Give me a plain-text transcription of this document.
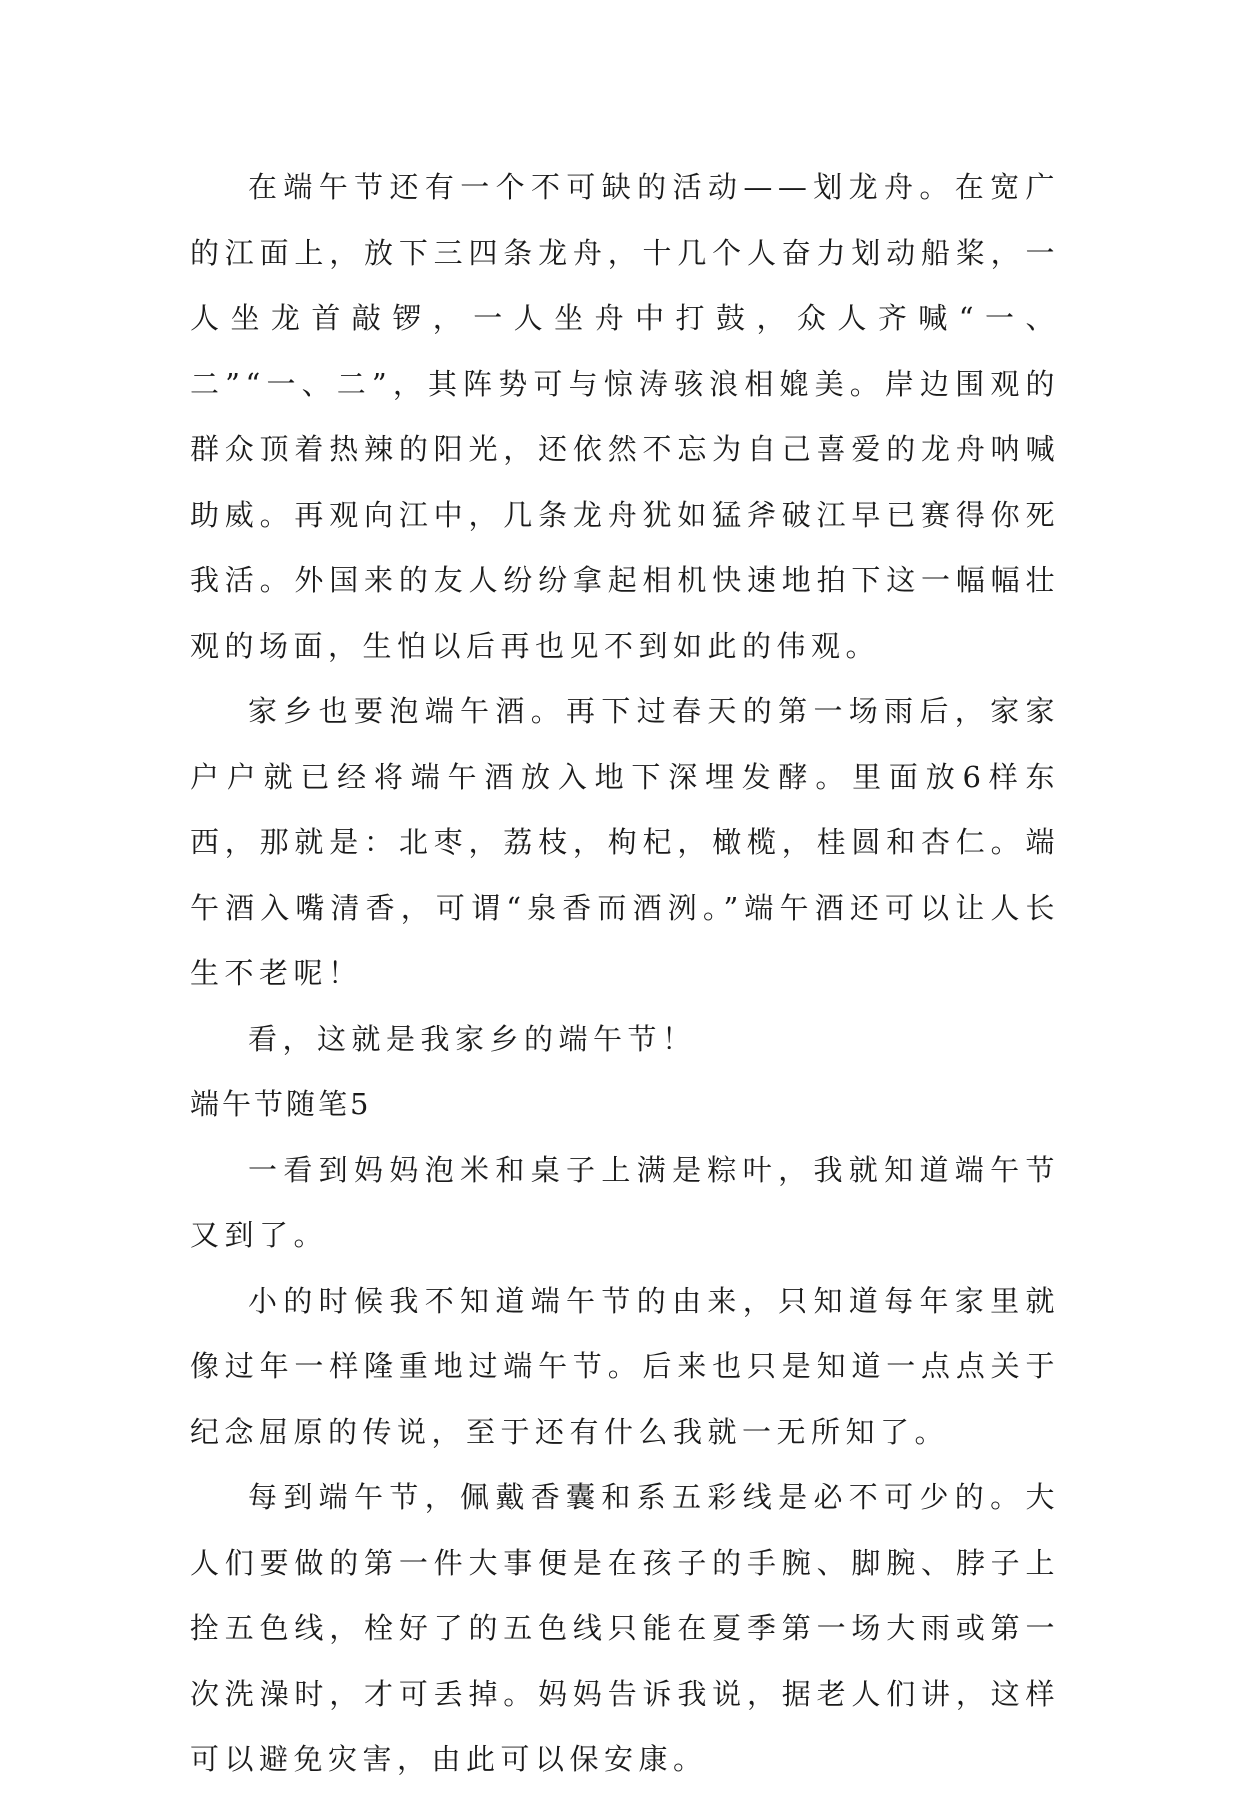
在端午节还有一个不可缺的活动——划龙舟。在宽广的江面上，放下三四条龙舟，十几个人奋力划动船桨，一人坐龙首敲锣，一人坐舟中打鼓，众人齐喊“一、二”“一、二”，其阵势可与惊涛骇浪相媲美。岸边围观的群众顶着热辣的阳光，还依然不忘为自己喜爱的龙舟呐喊助威。再观向江中，几条龙舟犹如猛斧破江早已赛得你死我活。外国来的友人纷纷拿起相机快速地拍下这一幅幅壮观的场面，生怕以后再也见不到如此的伟观。

家乡也要泡端午酒。再下过春天的第一场雨后，家家户户就已经将端午酒放入地下深埋发酵。里面放6样东西，那就是：北枣，荔枝，枸杞，橄榄，桂圆和杏仁。端午酒入嘴清香，可谓“泉香而酒洌。”端午酒还可以让人长生不老呢！

看，这就是我家乡的端午节！

端午节随笔5

一看到妈妈泡米和桌子上满是粽叶，我就知道端午节又到了。

小的时候我不知道端午节的由来，只知道每年家里就像过年一样隆重地过端午节。后来也只是知道一点点关于纪念屈原的传说，至于还有什么我就一无所知了。

每到端午节，佩戴香囊和系五彩线是必不可少的。大人们要做的第一件大事便是在孩子的手腕、脚腕、脖子上拴五色线，栓好了的五色线只能在夏季第一场大雨或第一次洗澡时，才可丢掉。妈妈告诉我说，据老人们讲，这样可以避免灾害，由此可以保安康。
